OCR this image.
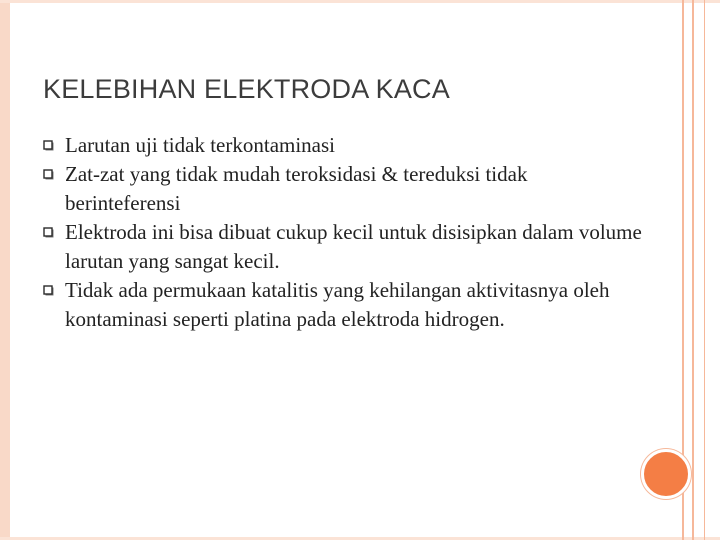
KELEBIHAN ELEKTRODA KACA
Larutan uji tidak terkontaminasi
Zat-zat yang tidak mudah teroksidasi & tereduksi tidak berinteferensi
Elektroda ini bisa dibuat cukup kecil untuk disisipkan dalam volume larutan yang sangat kecil.
Tidak ada permukaan katalitis yang kehilangan aktivitasnya oleh kontaminasi seperti platina pada elektroda hidrogen.
